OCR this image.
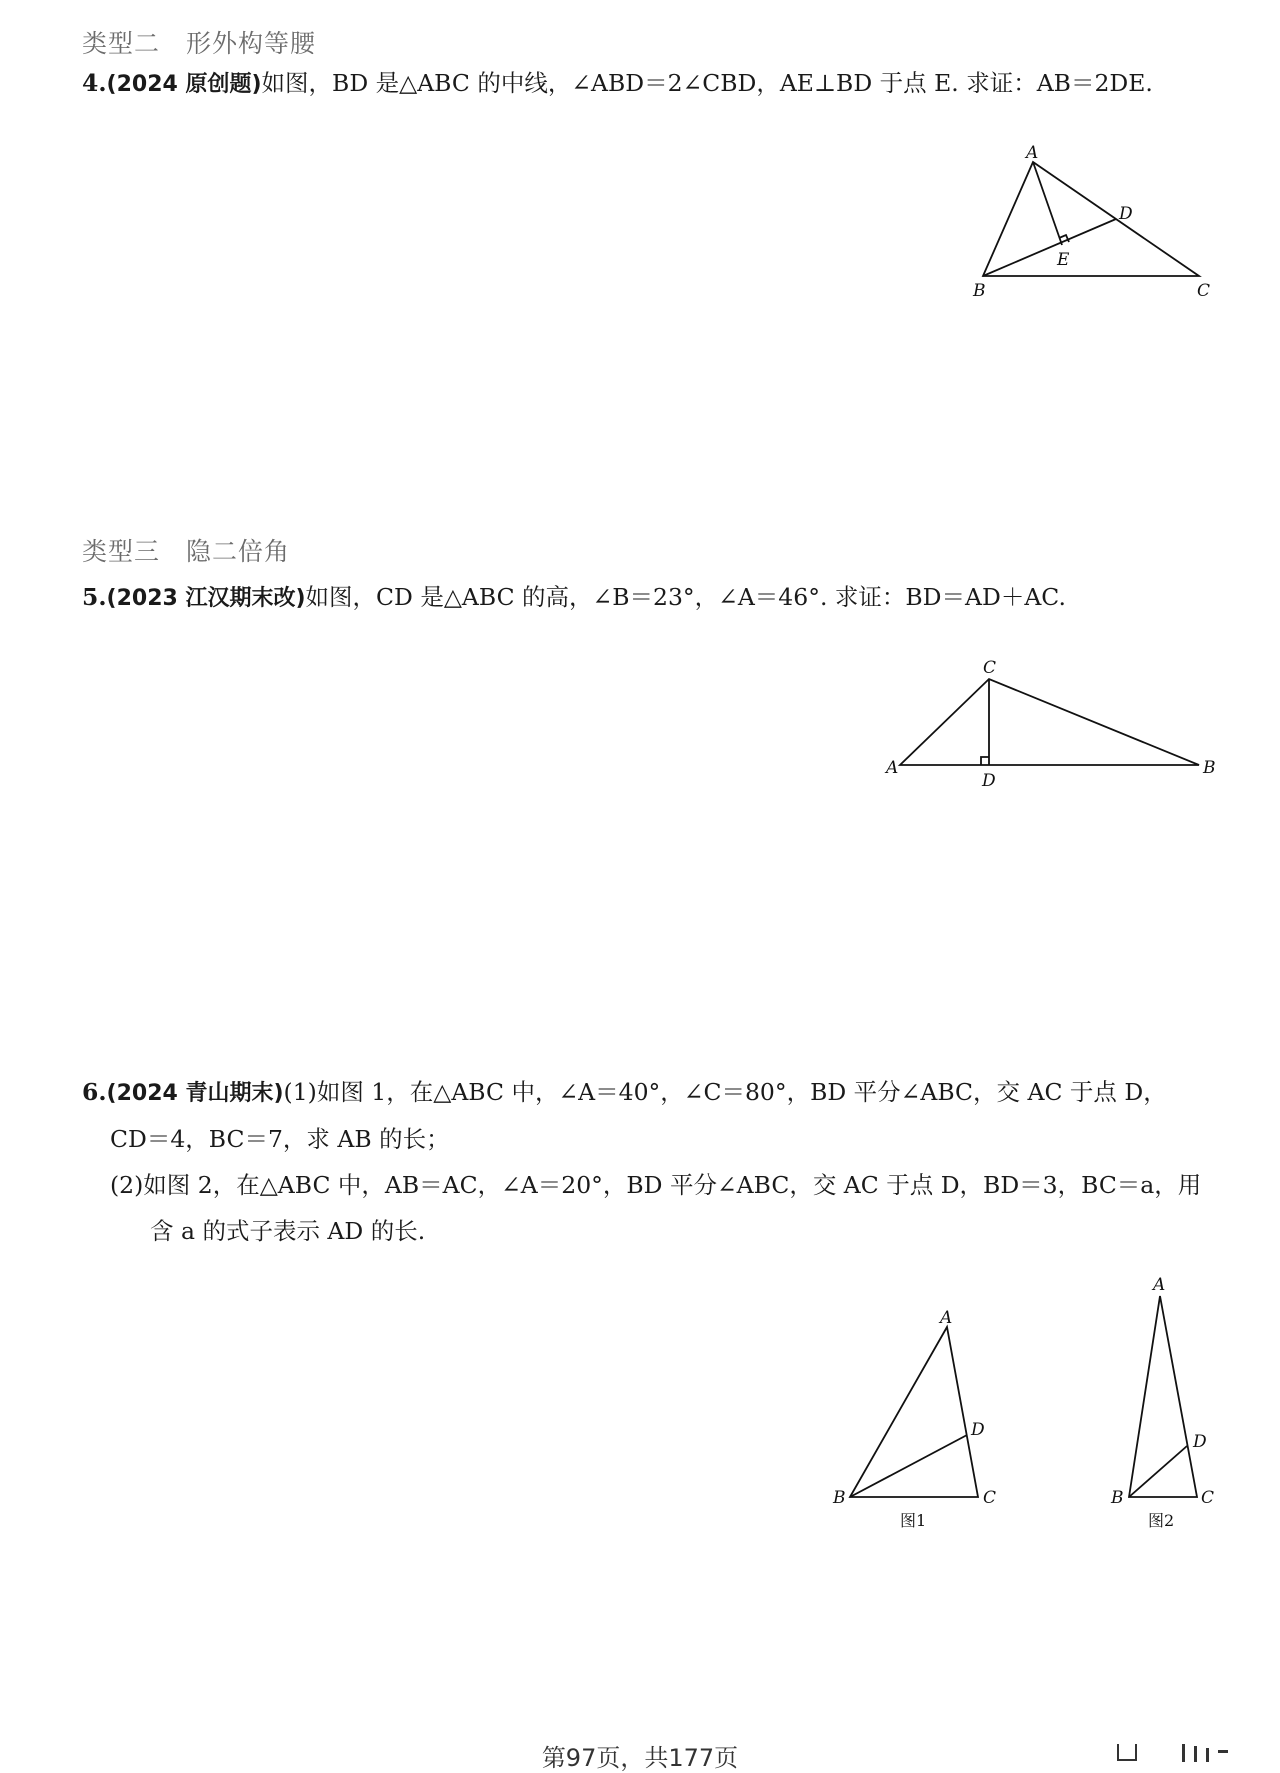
类型二　形外构等腰
4.(2024 原创题)如图，BD 是△ABC 的中线，∠ABD＝2∠CBD，AE⊥BD 于点 E. 求证：AB＝2DE.
A
B	C
D
E
类型三　隐二倍角
5.(2023 江汉期末改)如图，CD 是△ABC 的高，∠B＝23°，∠A＝46°. 求证：BD＝AD＋AC.
C
A	B
D
6.(2024 青山期末)(1)如图 1，在△ABC 中，∠A＝40°，∠C＝80°，BD 平分∠ABC，交 AC 于点 D，
CD＝4，BC＝7，求 AB 的长；
(2)如图 2，在△ABC 中，AB＝AC，∠A＝20°，BD 平分∠ABC，交 AC 于点 D，BD＝3，BC＝a，用
含 a 的式子表示 AD 的长.
A
B	C
D
图1
A
B	C
D
图2
第97页，共177页
